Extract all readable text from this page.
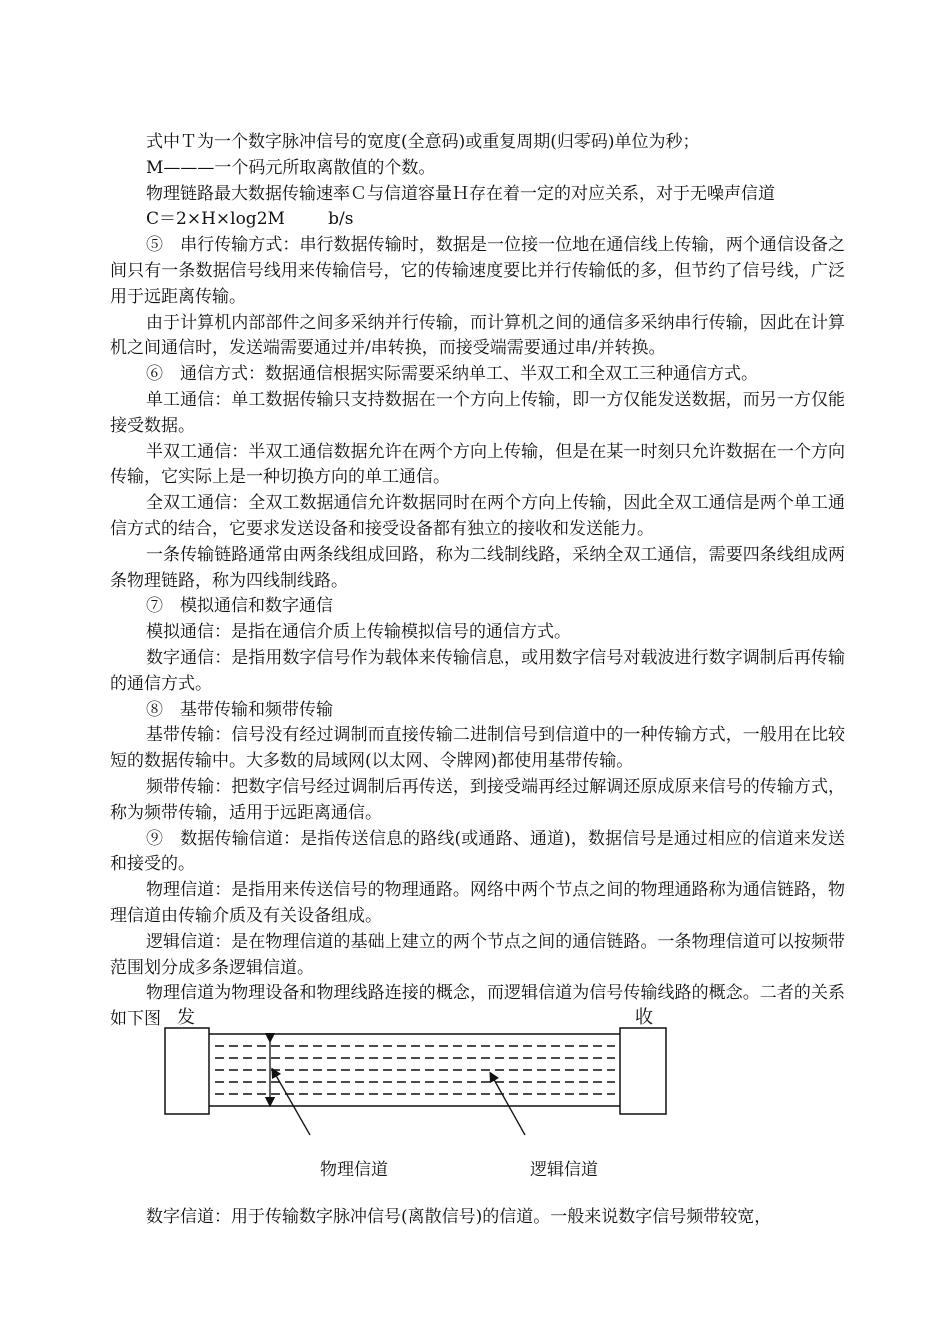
式中Ｔ为一个数字脉冲信号的宽度(全意码)或重复周期(归零码)单位为秒；

M———一个码元所取离散值的个数。

物理链路最大数据传输速率Ｃ与信道容量Ｈ存在着一定的对应关系，对于无噪声信道

C＝2×H×log2M        b/s

⑤　串行传输方式：串行数据传输时，数据是一位接一位地在通信线上传输，两个通信设备之间只有一条数据信号线用来传输信号，它的传输速度要比并行传输低的多，但节约了信号线，广泛用于远距离传输。

由于计算机内部部件之间多采纳并行传输，而计算机之间的通信多采纳串行传输，因此在计算机之间通信时，发送端需要通过并/串转换，而接受端需要通过串/并转换。

⑥　通信方式：数据通信根据实际需要采纳单工、半双工和全双工三种通信方式。

单工通信：单工数据传输只支持数据在一个方向上传输，即一方仅能发送数据，而另一方仅能接受数据。

半双工通信：半双工通信数据允许在两个方向上传输，但是在某一时刻只允许数据在一个方向传输，它实际上是一种切换方向的单工通信。

全双工通信：全双工数据通信允许数据同时在两个方向上传输，因此全双工通信是两个单工通信方式的结合，它要求发送设备和接受设备都有独立的接收和发送能力。

一条传输链路通常由两条线组成回路，称为二线制线路，采纳全双工通信，需要四条线组成两条物理链路，称为四线制线路。

⑦　模拟通信和数字通信

模拟通信：是指在通信介质上传输模拟信号的通信方式。

数字通信：是指用数字信号作为载体来传输信息，或用数字信号对载波进行数字调制后再传输的通信方式。

⑧　基带传输和频带传输

基带传输：信号没有经过调制而直接传输二进制信号到信道中的一种传输方式，一般用在比较短的数据传输中。大多数的局域网(以太网、令牌网)都使用基带传输。

频带传输：把数字信号经过调制后再传送，到接受端再经过解调还原成原来信号的传输方式，称为频带传输，适用于远距离通信。

⑨　数据传输信道：是指传送信息的路线(或通路、通道)，数据信号是通过相应的信道来发送和接受的。

物理信道：是指用来传送信号的物理通路。网络中两个节点之间的物理通路称为通信链路，物理信道由传输介质及有关设备组成。

逻辑信道：是在物理信道的基础上建立的两个节点之间的通信链路。一条物理信道可以按频带范围划分成多条逻辑信道。

物理信道为物理设备和物理线路连接的概念，而逻辑信道为信号传输线路的概念。二者的关系如下图 发	收
物理信道	逻辑信道

数字信道：用于传输数字脉冲信号(离散信号)的信道。一般来说数字信号频带较宽，
